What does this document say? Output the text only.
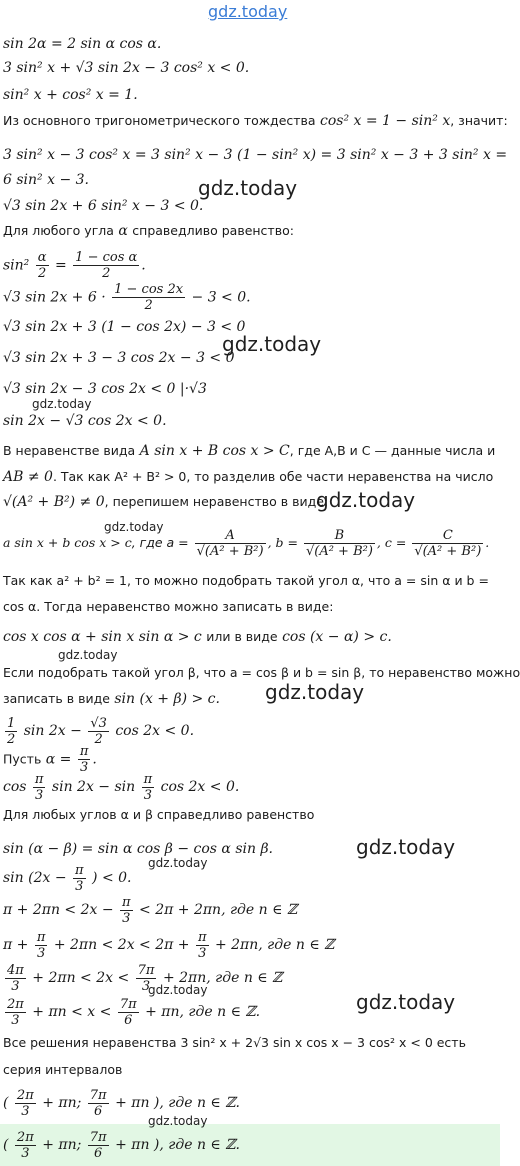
gdz.today
gdz.today
gdz.today
gdz.today
gdz.today
gdz.today
gdz.today
gdz.today
gdz.today
gdz.today
gdz.today	gdz.today
gdz.today
sin 2α = 2 sin α cos α.
3 sin² x + √3 sin 2x − 3 cos² x < 0.
sin² x + cos² x = 1.
Из основного тригонометрического тождества cos² x = 1 − sin² x, значит:
3 sin² x − 3 cos² x = 3 sin² x − 3 (1 − sin² x) = 3 sin² x − 3 + 3 sin² x =
6 sin² x − 3.
√3 sin 2x + 6 sin² x − 3 < 0.
Для любого угла α справедливо равенство:
$\sin^2 \frac{\alpha}{2} = \frac{\text{1 − cos α}}{2}$ .
√3 $\sin 2x + 6 \cdot \frac{1 - \cos 2x}{2} - 3 < 0$.
√3 sin 2x + 3 (1 − cos 2x) − 3 < 0
√3 sin 2x + 3 − 3 cos 2x − 3 < 0
√3 sin 2x − 3 cos 2x < 0 |·√3
sin 2x − √3 cos 2x < 0.
В неравенстве вида A sin x + B cos x > C, где A,B и C — данные числа и
AB ≠ 0. Так как A² + B² > 0, то разделив обе части неравенства на число
√(A² + B²) ≠ 0, перепишем неравенство в виде:
a sin x + b cos x > c, где $a = \frac{A}{\text{√(A² + B²)}}$ , $b = \frac{B}{\text{√(A² + B²)}}$ , $c = \frac{C}{\text{√(A² + B²)}}$ .
Так как a² + b² = 1, то можно подобрать такой угол α, что a = sin α и b =
cos α. Тогда неравенство можно записать в виде:
cos x cos α + sin x sin α > c или в виде cos (x − α) > c.
Если подобрать такой угол β, что a = cos β и b = sin β, то неравенство можно
записать в виде sin (x + β) > c.
$\frac{1}{2}$ $\sin 2x - \frac{√3}{2}$ cos 2x < 0.
Пусть $\alpha = \frac{\pi}{3}$ .
$\cos \frac{\pi}{3}$ $\sin 2x - \sin \frac{\pi}{3}$ cos 2x < 0.
Для любых углов α и β справедливо равенство
sin (α − β) = sin α cos β − cos α sin β.
$\sin (2x - \frac{\pi}{3}$ ) < 0.
$\pi + 2\pi n < 2x - \frac{\pi}{3} < 2\pi + 2\pi n$, где n ∈ ℤ
$\pi + \frac{\pi}{3} + 2\pi n < 2x < 2\pi + \frac{\pi}{3} + 2\pi n$, где n ∈ ℤ
$\frac{4\pi}{3} + 2\pi n < 2x < \frac{7\pi}{3} + 2\pi n$, где n ∈ ℤ
$\frac{2\pi}{3} + \pi n < x < \frac{7\pi}{6} + \pi n$, где n ∈ ℤ.
Все решения неравенства 3 sin² x + 2√3 sin x cos x − 3 cos² x < 0 есть
серия интервалов
( $\frac{2\pi}{3} + \pi n$; $\frac{7\pi}{6} + \pi n$ ), где n ∈ ℤ.
( $\frac{2\pi}{3} + \pi n$; $\frac{7\pi}{6} + \pi n$ ), где n ∈ ℤ.
